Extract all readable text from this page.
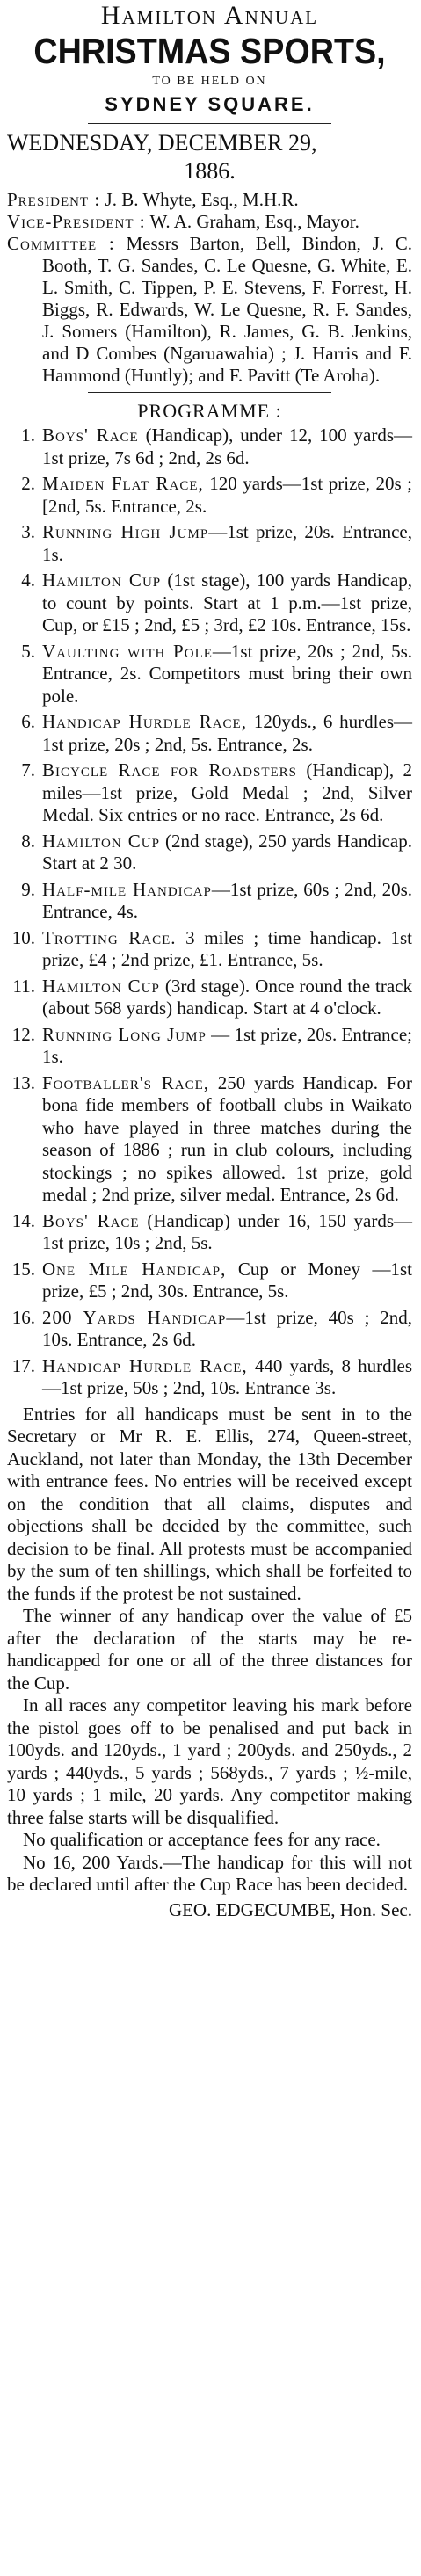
Hamilton Annual
CHRISTMAS SPORTS,
TO BE HELD ON
SYDNEY SQUARE.
WEDNESDAY, DECEMBER 29,
1886.

President : J. B. Whyte, Esq., M.H.R.

Vice-President : W. A. Graham, Esq., Mayor.

Committee : Messrs Barton, Bell, Bindon, J. C. Booth, T. G. Sandes, C. Le Quesne, G. White, E. L. Smith, C. Tippen, P. E. Stevens, F. Forrest, H. Biggs, R. Edwards, W. Le Quesne, R. F. Sandes, J. Somers (Hamilton), R. James, G. B. Jenkins, and D Combes (Ngaruawahia) ; J. Harris and F. Hammond (Huntly); and F. Pavitt (Te Aroha).

PROGRAMME :
1. Boys' Race (Handicap), under 12, 100 yards—1st prize, 7s 6d ; 2nd, 2s 6d.
2. Maiden Flat Race, 120 yards—1st prize, 20s ; [2nd, 5s. Entrance, 2s.
3. Running High Jump—1st prize, 20s. Entrance, 1s.
4. Hamilton Cup (1st stage), 100 yards Handicap, to count by points. Start at 1 p.m.—1st prize, Cup, or £15 ; 2nd, £5 ; 3rd, £2 10s. Entrance, 15s.
5. Vaulting with Pole—1st prize, 20s ; 2nd, 5s. Entrance, 2s. Competitors must bring their own pole.
6. Handicap Hurdle Race, 120yds., 6 hurdles—1st prize, 20s ; 2nd, 5s. Entrance, 2s.
7. Bicycle Race for Roadsters (Handicap), 2 miles—1st prize, Gold Medal ; 2nd, Silver Medal. Six entries or no race. Entrance, 2s 6d.
8. Hamilton Cup (2nd stage), 250 yards Handicap. Start at 2 30.
9. Half-mile Handicap—1st prize, 60s ; 2nd, 20s. Entrance, 4s.
10. Trotting Race. 3 miles ; time handicap. 1st prize, £4 ; 2nd prize, £1. Entrance, 5s.
11. Hamilton Cup (3rd stage). Once round the track (about 568 yards) handicap. Start at 4 o'clock.
12. Running Long Jump — 1st prize, 20s. Entrance; 1s.
13. Footballer's Race, 250 yards Handicap. For bona fide members of football clubs in Waikato who have played in three matches during the season of 1886 ; run in club colours, including stockings ; no spikes allowed. 1st prize, gold medal ; 2nd prize, silver medal. Entrance, 2s 6d.
14. Boys' Race (Handicap) under 16, 150 yards—1st prize, 10s ; 2nd, 5s.
15. One Mile Handicap, Cup or Money —1st prize, £5 ; 2nd, 30s. Entrance, 5s.
16. 200 Yards Handicap—1st prize, 40s ; 2nd, 10s. Entrance, 2s 6d.
17. Handicap Hurdle Race, 440 yards, 8 hurdles—1st prize, 50s ; 2nd, 10s. Entrance 3s.

Entries for all handicaps must be sent in to the Secretary or Mr R. E. Ellis, 274, Queen-street, Auckland, not later than Monday, the 13th December with entrance fees. No entries will be received except on the condition that all claims, disputes and objections shall be decided by the committee, such decision to be final. All protests must be accompanied by the sum of ten shillings, which shall be forfeited to the funds if the protest be not sustained.

The winner of any handicap over the value of £5 after the declaration of the starts may be re-handicapped for one or all of the three distances for the Cup.

In all races any competitor leaving his mark before the pistol goes off to be penalised and put back in 100yds. and 120yds., 1 yard ; 200yds. and 250yds., 2 yards ; 440yds., 5 yards ; 568yds., 7 yards ; ½-mile, 10 yards ; 1 mile, 20 yards. Any competitor making three false starts will be disqualified.

No qualification or acceptance fees for any race.

No 16, 200 Yards.—The handicap for this will not be declared until after the Cup Race has been decided.

GEO. EDGECUMBE, Hon. Sec.
